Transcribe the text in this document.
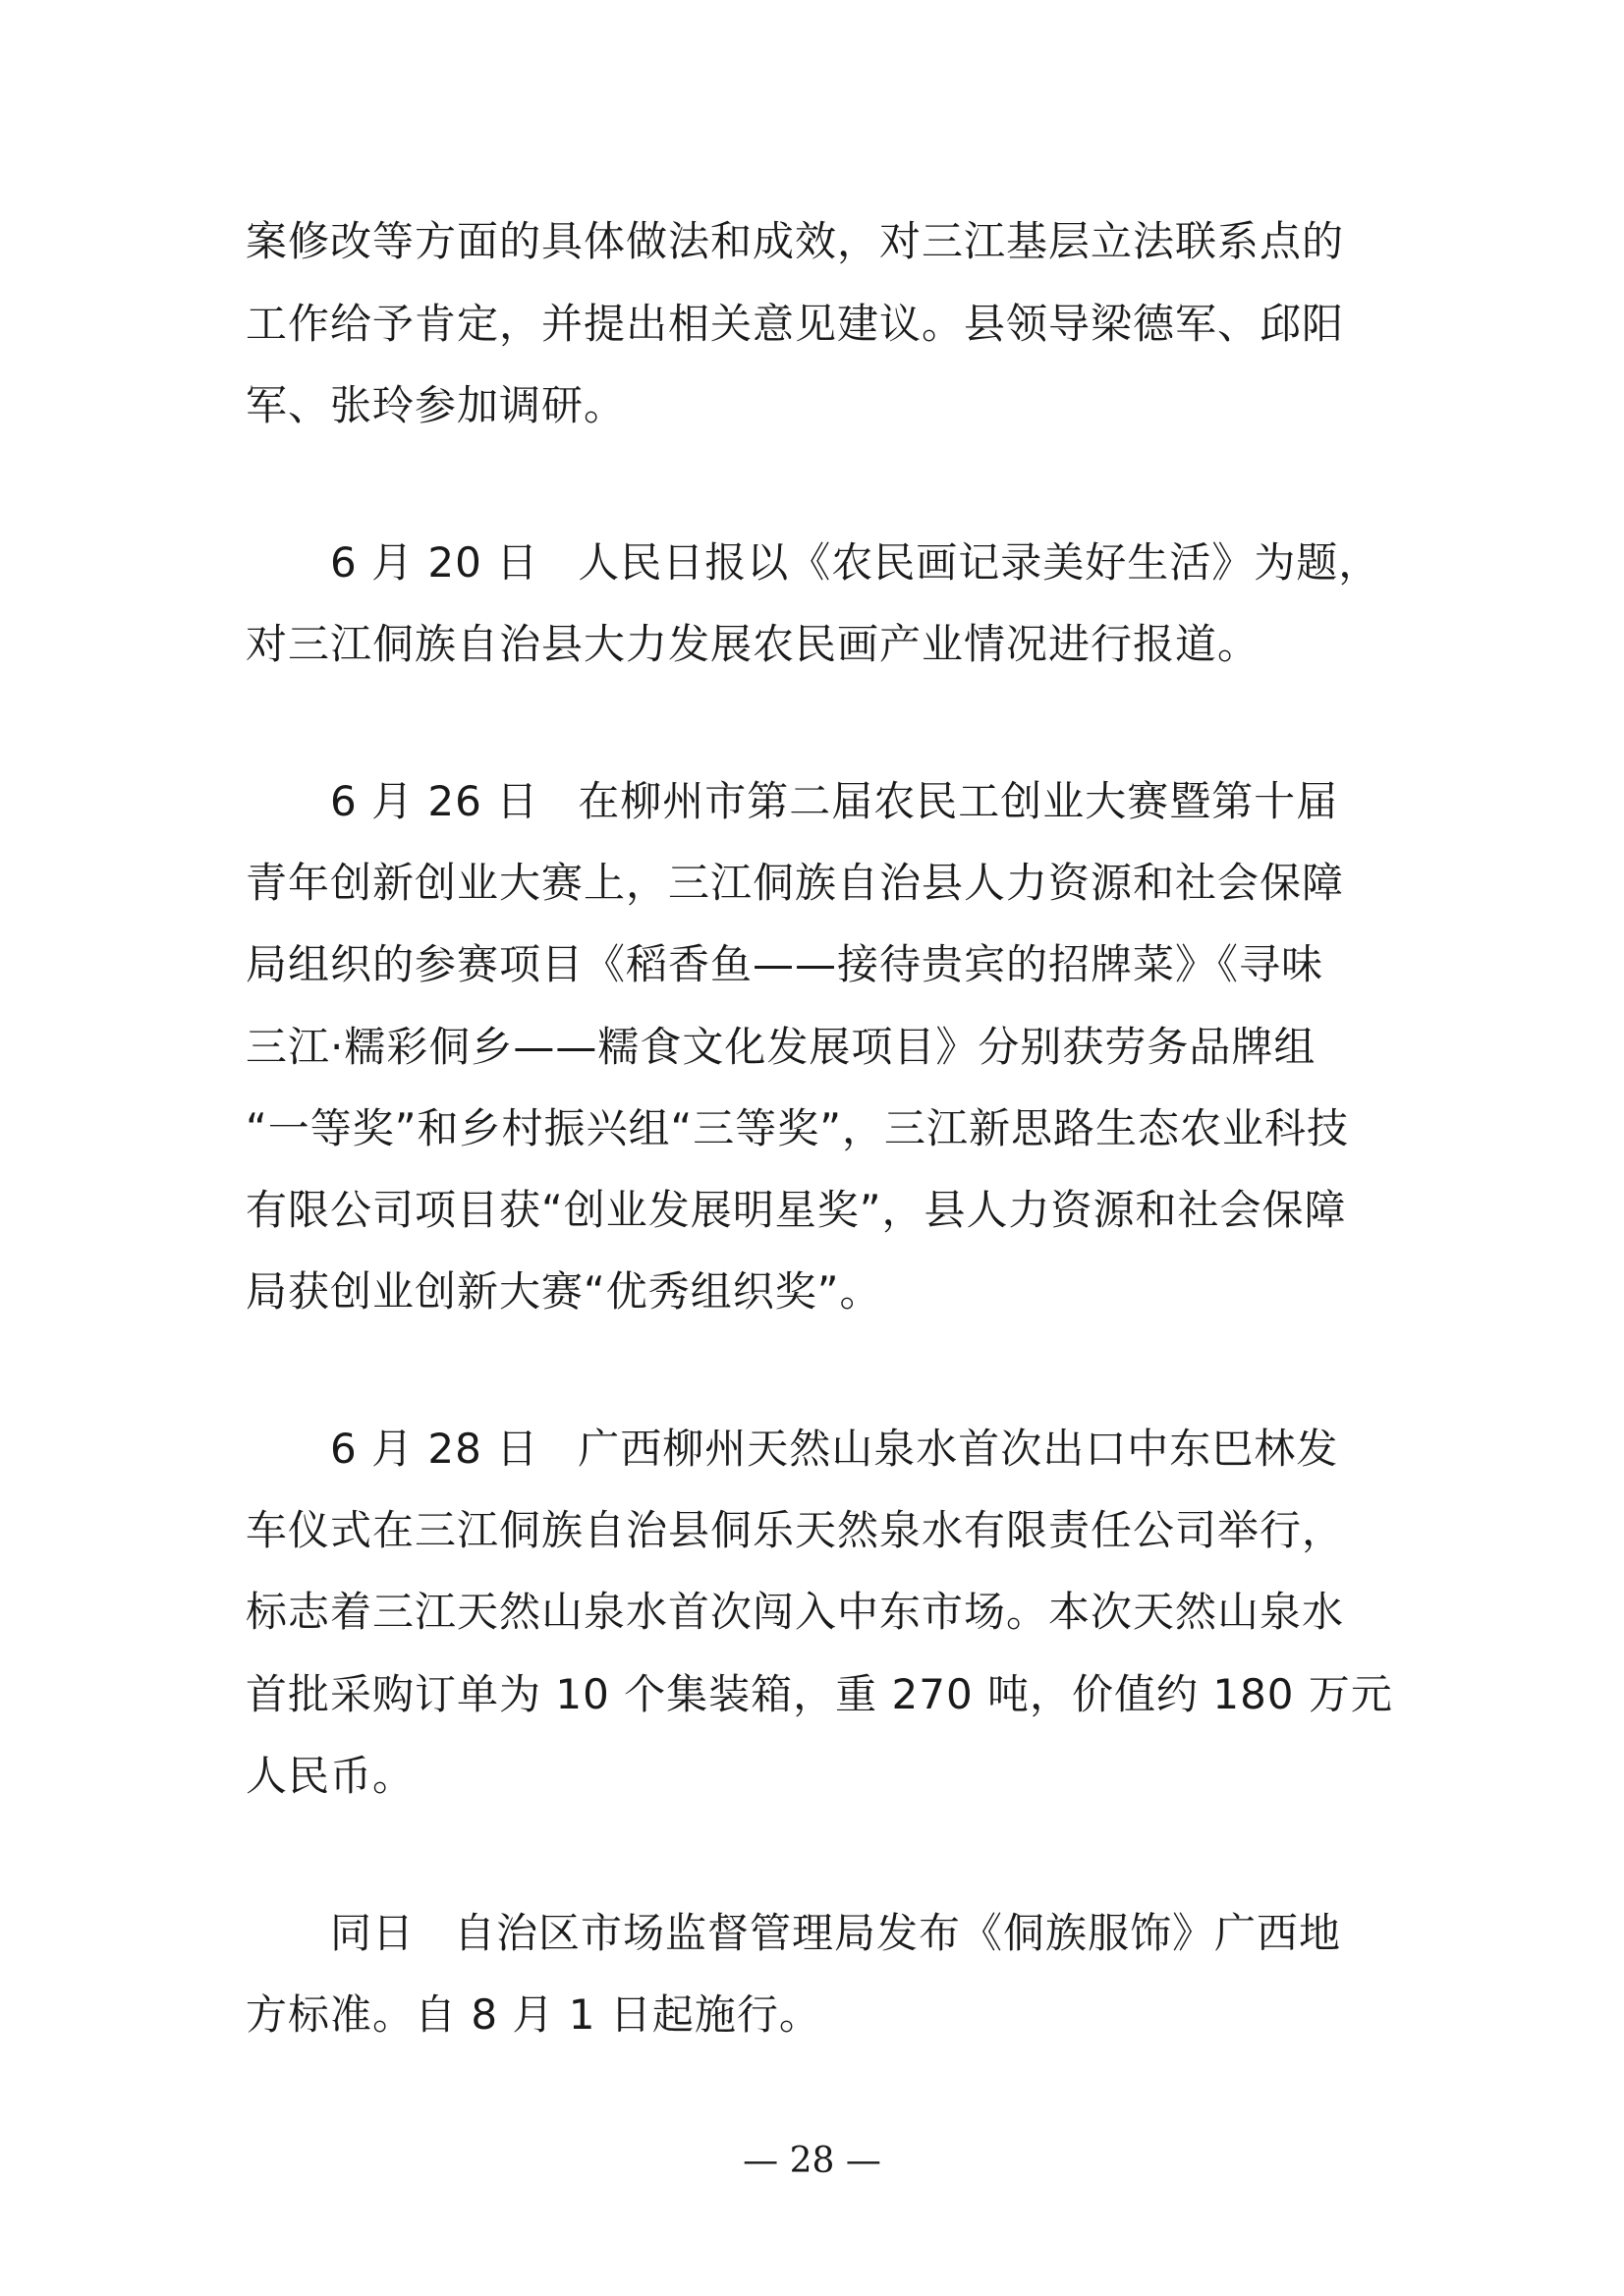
案修改等方面的具体做法和成效，对三江基层立法联系点的
工作给予肯定，并提出相关意见建议。县领导梁德军、邱阳
军、张玲参加调研。
6 月 20 日 人民日报以《农民画记录美好生活》为题，
对三江侗族自治县大力发展农民画产业情况进行报道。
6 月 26 日 在柳州市第二届农民工创业大赛暨第十届
青年创新创业大赛上，三江侗族自治县人力资源和社会保障
局组织的参赛项目《稻香鱼——接待贵宾的招牌菜》《寻味
三江·糯彩侗乡——糯食文化发展项目》分别获劳务品牌组
“一等奖”和乡村振兴组“三等奖”，三江新思路生态农业科技
有限公司项目获“创业发展明星奖”，县人力资源和社会保障
局获创业创新大赛“优秀组织奖”。
6 月 28 日 广西柳州天然山泉水首次出口中东巴林发
车仪式在三江侗族自治县侗乐天然泉水有限责任公司举行，
标志着三江天然山泉水首次闯入中东市场。本次天然山泉水
首批采购订单为 10 个集装箱，重 270 吨，价值约 180 万元
人民币。
同日 自治区市场监督管理局发布《侗族服饰》广西地
方标准。自 8 月 1 日起施行。
— 28 —
